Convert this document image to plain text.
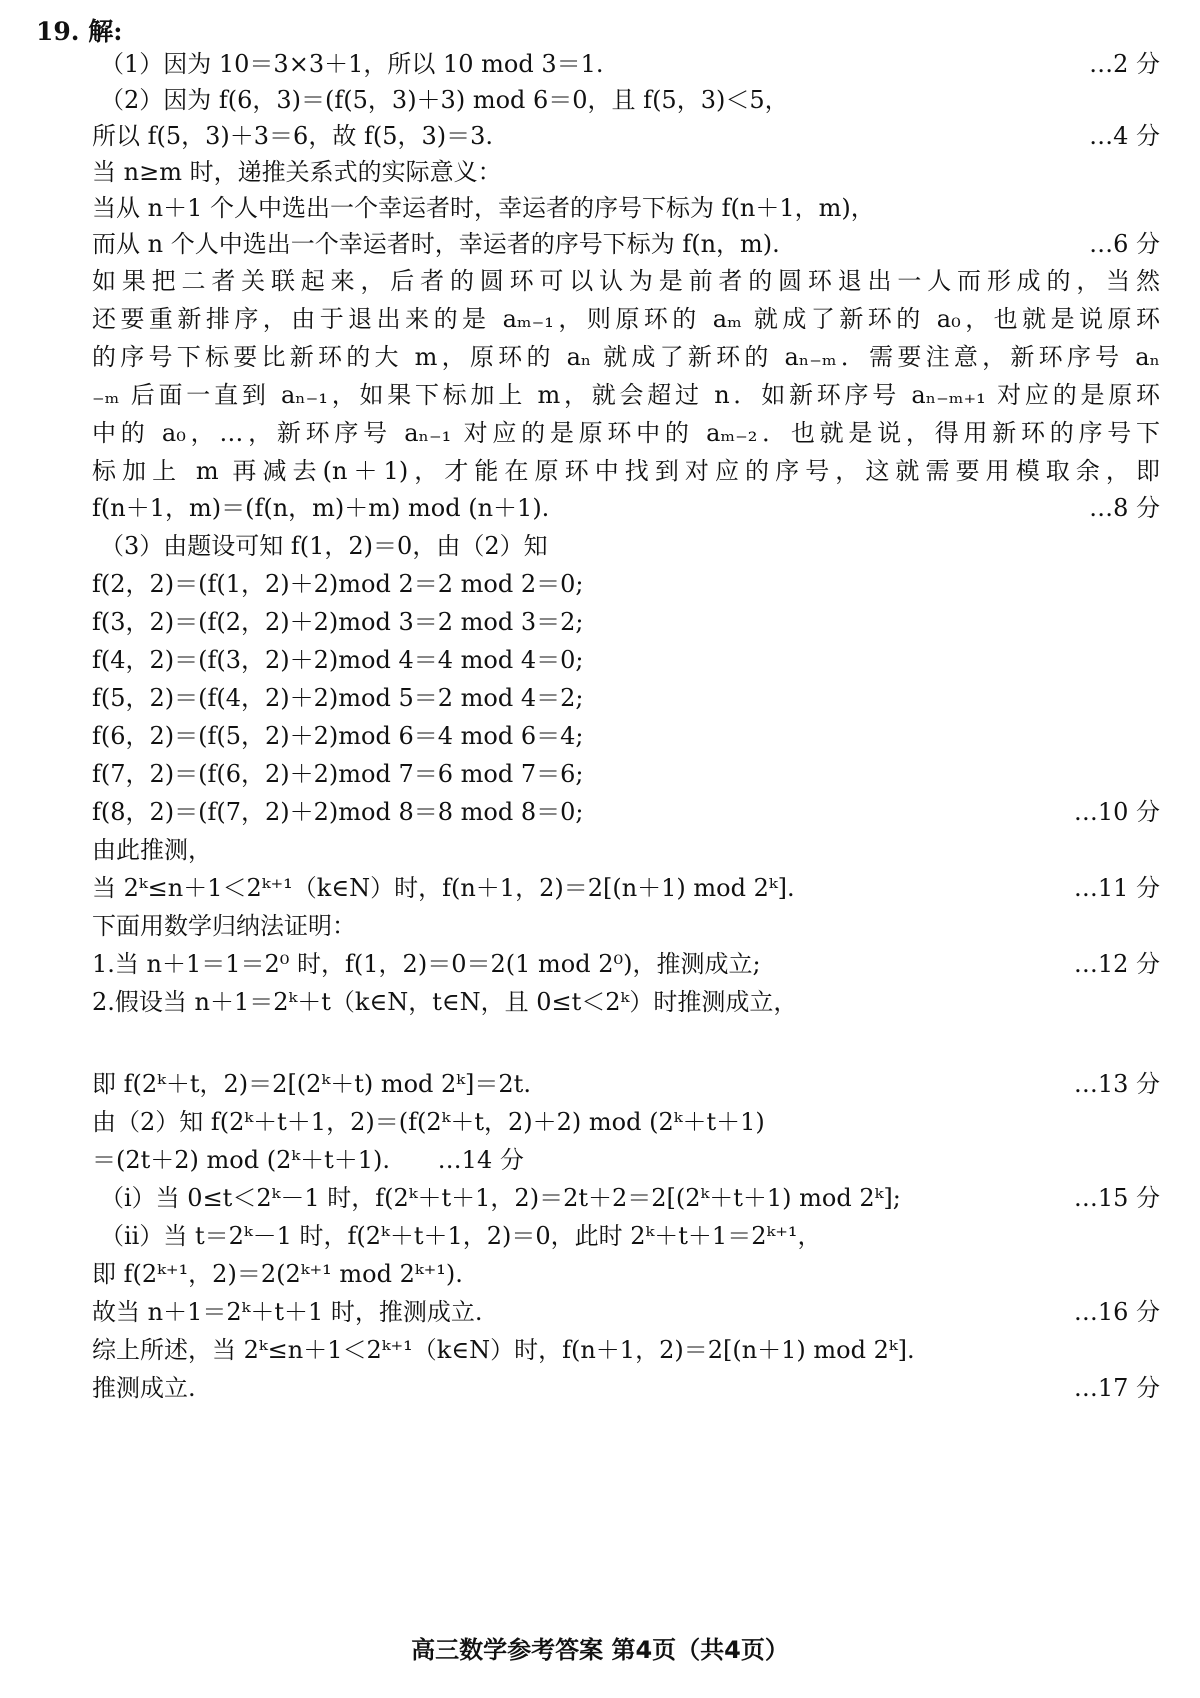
19. 解:
（1）因为 10＝3×3＋1，所以 10 mod 3＝1.	…2 分
（2）因为 f(6，3)＝(f(5，3)＋3) mod 6＝0，且 f(5，3)＜5，
所以 f(5，3)＋3＝6，故 f(5，3)＝3.	…4 分
当 n≥m 时，递推关系式的实际意义：
当从 n＋1 个人中选出一个幸运者时，幸运者的序号下标为 f(n＋1，m)，
而从 n 个人中选出一个幸运者时，幸运者的序号下标为 f(n，m).	…6 分
如果把二者关联起来，后者的圆环可以认为是前者的圆环退出一人而形成的，当然
还要重新排序，由于退出来的是 aₘ₋₁，则原环的 aₘ 就成了新环的 a₀，也就是说原环
的序号下标要比新环的大 m，原环的 aₙ 就成了新环的 aₙ₋ₘ．需要注意，新环序号 aₙ
₋ₘ 后面一直到 aₙ₋₁，如果下标加上 m，就会超过 n．如新环序号 aₙ₋ₘ₊₁ 对应的是原环
中的 a₀，…，新环序号 aₙ₋₁ 对应的是原环中的 aₘ₋₂．也就是说，得用新环的序号下
标加上 m 再减去(n＋1)，才能在原环中找到对应的序号，这就需要用模取余，即
f(n＋1，m)＝(f(n，m)＋m) mod (n＋1).	…8 分
（3）由题设可知 f(1，2)＝0，由（2）知
f(2，2)＝(f(1，2)＋2)mod 2＝2 mod 2＝0;
f(3，2)＝(f(2，2)＋2)mod 3＝2 mod 3＝2;
f(4，2)＝(f(3，2)＋2)mod 4＝4 mod 4＝0;
f(5，2)＝(f(4，2)＋2)mod 5＝2 mod 4＝2;
f(6，2)＝(f(5，2)＋2)mod 6＝4 mod 6＝4;
f(7，2)＝(f(6，2)＋2)mod 7＝6 mod 7＝6;
f(8，2)＝(f(7，2)＋2)mod 8＝8 mod 8＝0;	…10 分
由此推测，
当 2ᵏ≤n＋1＜2ᵏ⁺¹（k∈N）时，f(n＋1，2)＝2[(n＋1) mod 2ᵏ].	…11 分
下面用数学归纳法证明：
1.当 n＋1＝1＝2⁰ 时，f(1，2)＝0＝2(1 mod 2⁰)，推测成立;	…12 分
2.假设当 n＋1＝2ᵏ＋t（k∈N，t∈N，且 0≤t＜2ᵏ）时推测成立，
即 f(2ᵏ＋t，2)＝2[(2ᵏ＋t) mod 2ᵏ]＝2t.	…13 分
由（2）知 f(2ᵏ＋t＋1，2)＝(f(2ᵏ＋t，2)＋2) mod (2ᵏ＋t＋1)
＝(2t＋2) mod (2ᵏ＋t＋1). …14 分
（i）当 0≤t＜2ᵏ－1 时，f(2ᵏ＋t＋1，2)＝2t＋2＝2[(2ᵏ＋t＋1) mod 2ᵏ];	…15 分
（ii）当 t＝2ᵏ－1 时，f(2ᵏ＋t＋1，2)＝0，此时 2ᵏ＋t＋1＝2ᵏ⁺¹，
即 f(2ᵏ⁺¹，2)＝2(2ᵏ⁺¹ mod 2ᵏ⁺¹).
故当 n＋1＝2ᵏ＋t＋1 时，推测成立.	…16 分
综上所述，当 2ᵏ≤n＋1＜2ᵏ⁺¹（k∈N）时，f(n＋1，2)＝2[(n＋1) mod 2ᵏ].
推测成立.	…17 分
高三数学参考答案 第4页（共4页）
